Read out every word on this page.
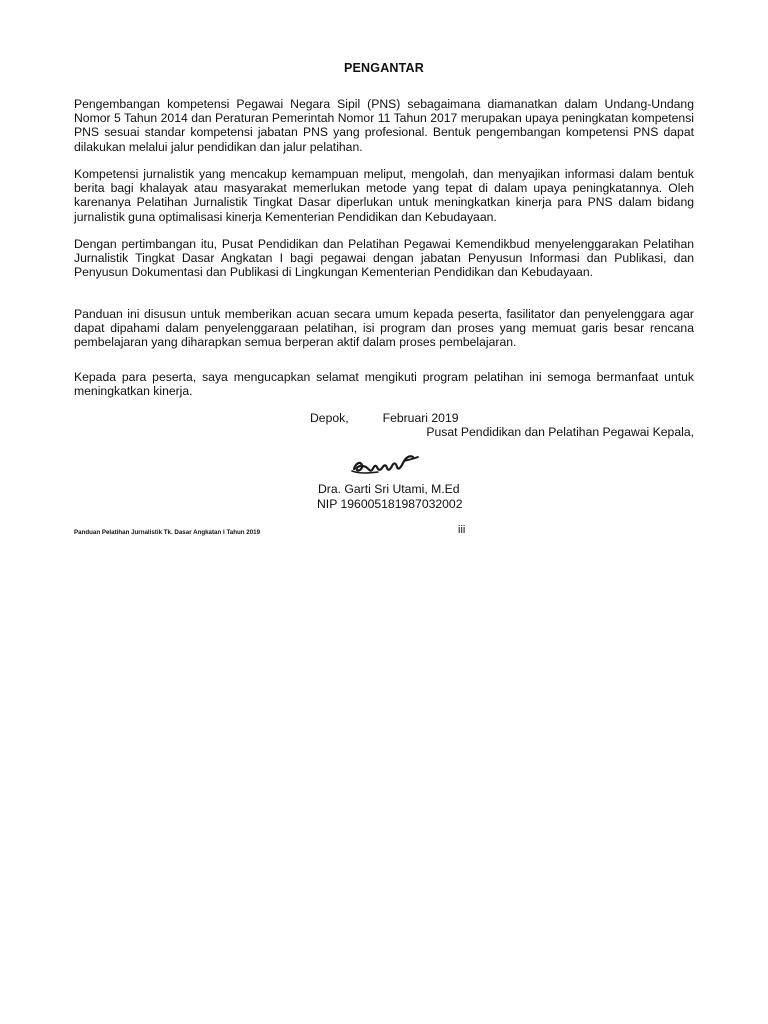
PENGANTAR

Pengembangan kompetensi Pegawai Negara Sipil (PNS) sebagaimana diamanatkan dalam Undang-Undang Nomor 5 Tahun 2014 dan Peraturan Pemerintah Nomor 11 Tahun 2017 merupakan upaya peningkatan kompetensi PNS sesuai standar kompetensi jabatan PNS yang profesional. Bentuk pengembangan kompetensi PNS dapat dilakukan melalui jalur pendidikan dan jalur pelatihan.

Kompetensi jurnalistik yang mencakup kemampuan meliput, mengolah, dan menyajikan informasi dalam bentuk berita bagi khalayak atau masyarakat memerlukan metode yang tepat di dalam upaya peningkatannya. Oleh karenanya Pelatihan Jurnalistik Tingkat Dasar diperlukan untuk meningkatkan kinerja para PNS dalam bidang jurnalistik guna optimalisasi kinerja Kementerian Pendidikan dan Kebudayaan.

Dengan pertimbangan itu, Pusat Pendidikan dan Pelatihan Pegawai Kemendikbud menyelenggarakan Pelatihan Jurnalistik Tingkat Dasar Angkatan I bagi pegawai dengan jabatan Penyusun Informasi dan Publikasi, dan Penyusun Dokumentasi dan Publikasi di Lingkungan Kementerian Pendidikan dan Kebudayaan.

Panduan ini disusun untuk memberikan acuan secara umum kepada peserta, fasilitator dan penyelenggara agar dapat dipahami dalam penyelenggaraan pelatihan, isi program dan proses yang memuat garis besar rencana pembelajaran yang diharapkan semua berperan aktif dalam proses pembelajaran.

Kepada para peserta, saya mengucapkan selamat mengikuti program pelatihan ini semoga bermanfaat untuk meningkatkan kinerja.

Depok,	Februari 2019
Pusat Pendidikan dan Pelatihan Pegawai Kepala,
Dra. Garti Sri Utami, M.Ed
NIP 196005181987032002
Panduan Pelatihan Jurnalistik Tk. Dasar Angkatan I Tahun 2019	iii
